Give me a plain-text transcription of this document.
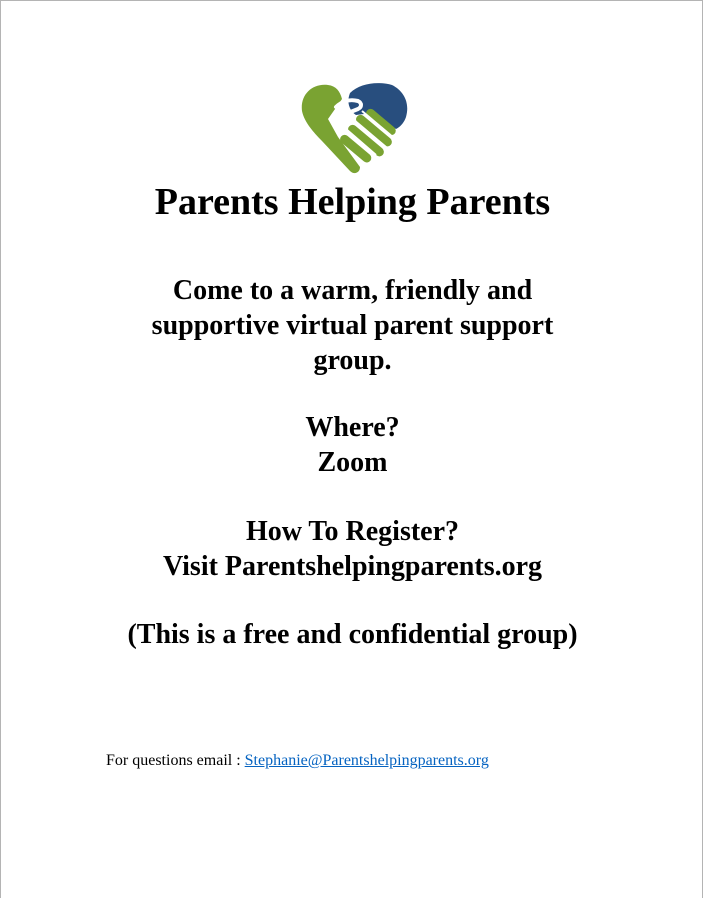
Parents Helping Parents

Come to a warm, friendly and
supportive virtual parent support
group.

Where?

Zoom

How To Register?

Visit Parentshelpingparents.org

(This is a free and confidential group)

For questions email : Stephanie@Parentshelpingparents.org
